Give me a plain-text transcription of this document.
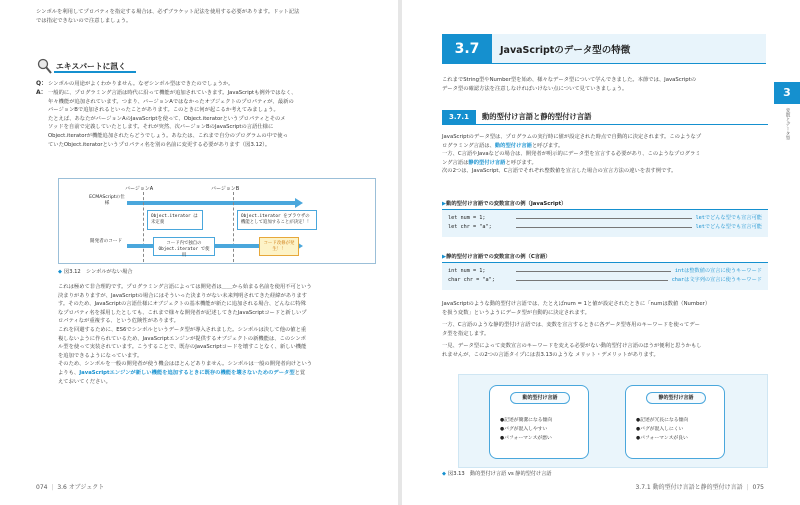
シンボルを利用してプロパティを指定する場合は、必ずブラケット記法を使用する必要があります。ドット記法
では指定できないので注意しましょう。
エキスパートに訊く
Q： シンボルの用途がよくわかりません。なぜシンボル型はできたのでしょうか。
A： 一般的に、プログラミング言語は時代に沿って機能が追加されていきます。JavaScriptも例外ではなく、
年々機能が追加されています。つまり、バージョンAではなかったオブジェクトのプロパティが、最新の
バージョンBで追加されるといったことがあります。このときに何が起こるか考えてみましょう。
たとえば、あなたがバージョンAのJavaScriptを使って、Object.iteratorというプロパティとそのメ
ソッドを自前で定義していたとします。それが突然、次バージョンBのJavaScriptの言語仕様に
Object.iteratorが機能追加されたらどうでしょう。あなたは、これまで自分のプログラムの中で使っ
ていたObject.iteratorというプロパティ名を別の名前に変更する必要があります（図3.12）。
バージョンA	バージョンB
ECMAScriptの仕様
Object.iterator は未定義
Object.iterator をブラウザの機能として追加することが決定！！
開発者のコード	コード内で独自の Object.iterator で使用
コード改修が発生！！
◆ 図3.12　シンボルがない場合
これは極めて非合理的です。プログラミング言語によっては開発者は＿＿から始まる名前を使用不可という
決まりがありますが、JavaScriptの場合にはそういった決まりがない未来判明されてきた経緯があります
す。そのため、JavaScriptの言語仕様にオブジェクトの基本機能が新たに追加される場合、どんなに特殊
なプロパティ名を採用したとしても、これまで様々な開発者が記述してきたJavaScriptコードと新しいプ
ロパティなが重複する、という危険性があります。
これを回避するために、ES6でシンボルというデータ型が導入されました。シンボルは決して他の値と重
複しないように作られているため、JavaScriptエンジンが提供するオブジェクトの新機能は、このシンボ
ル型を使って実装されています。こうすることで、既存のJavaScriptコードを壊すことなく、新しい機能
を追加できるようになっています。
そのため、シンボルを一般の開発者が使う機会はほとんどありません。シンボルは一般の開発者向けという
よりも、JavaScriptエンジンが新しい機能を追加するときに既存の機能を壊さないためのデータ型と覚
えておいてください。
074 | 3.6 オブジェクト
3
変数とデータ型
3.7	JavaScriptのデータ型の特徴
これまでString型やNumber型を始め、様々なデータ型について学んできました。本節では、JavaScriptの
データ型の確認方法を注意しなければいけない点について見ていきましょう。
3.7.1	動的型付け言語と静的型付け言語
JavaScriptのデータ型は、プログラムの実行時に値が設定された時点で自動的に決定されます。このようなプ
ログラミング言語は、動的型付け言語と呼びます。
一方、C言語やJavaなどの場合は、開発者が明示的にデータ型を宣言する必要があり、このようなプログラミ
ング言語は静的型付け言語と呼びます。
次の2つは、JavaScript、C言語でそれぞれ整数値を宣言した場合の宣言方法の違いを表す例です。
▶動的型付け言語での変数宣言の例（JavaScript）
let num = 1;	letでどんな型でも宣言可能
let chr = "a";	letでどんな型でも宣言可能
▶静的型付け言語での変数宣言の例（C言語）
int num = 1;	intは整数値の宣言に使うキーワード
char chr = "a";	charは文字列の宣言に使うキーワード
JavaScriptのような動的型付け言語では、たとえばnum = 1と値が設定されたときに「numは数値（Number）
を扱う変数」というようにデータ型が自動的に決定されます。
一方、C言語のような静的型付け言語では、変数を宣言するときに各データ型専用のキーワードを使ってデー
タ型を指定します。
一見、データ型によって変数宣言のキーワードを変える必要がない動的型付け言語のほうが便利と思うかもし
れませんが、この2つの言語タイプには表3.13のような メリット・デメリットがあります。
動的型付け言語
●記述が簡潔になる傾向
●バグが混入しやすい
●パフォーマンスが悪い
静的型付け言語
●記述が冗長になる傾向
●バグが混入しにくい
●パフォーマンスが良い
◆ 図3.13　動的型付け言語 vs 静的型付け言語
3.7.1 動的型付け言語と静的型付け言語 | 075
